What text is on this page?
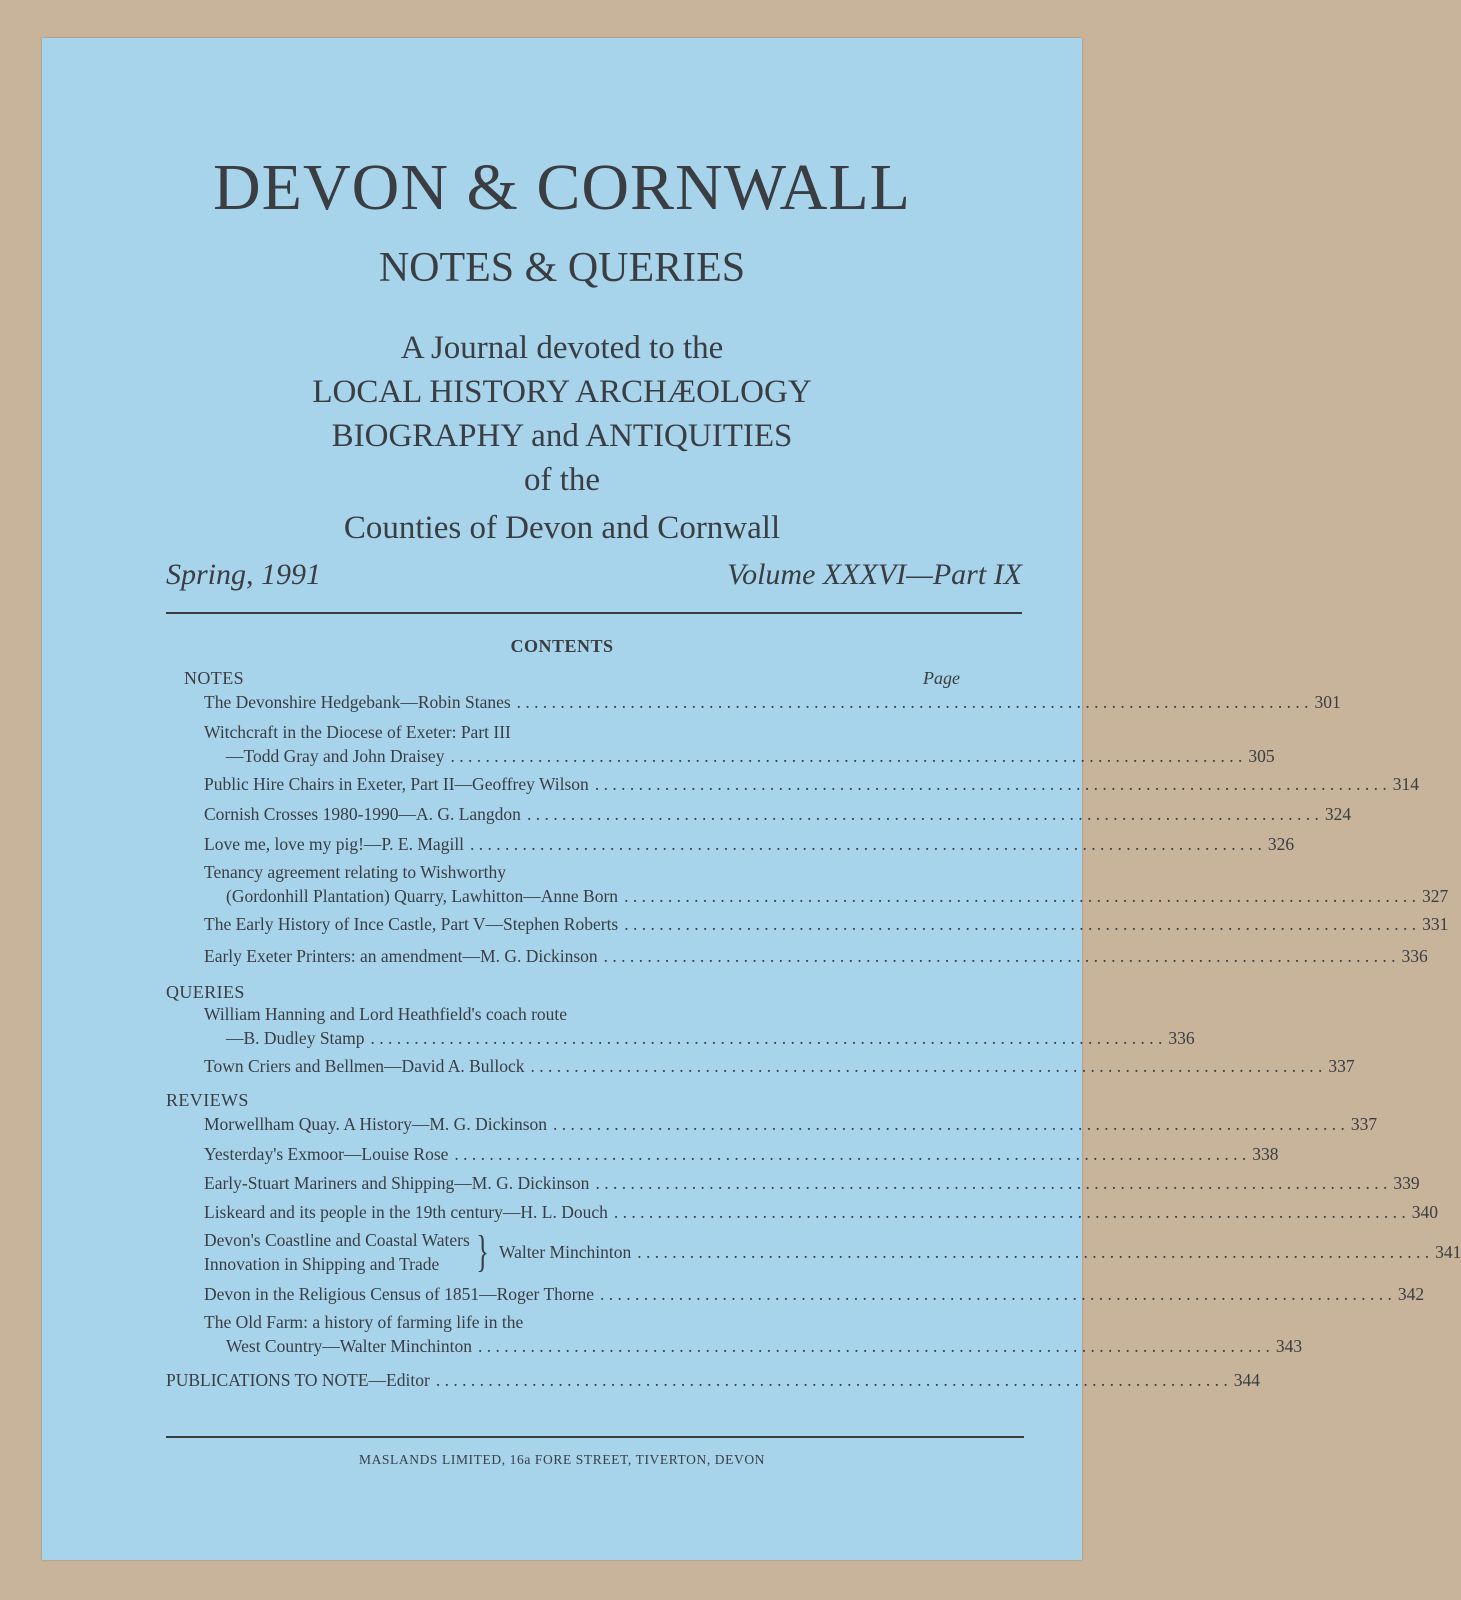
DEVON & CORNWALL
NOTES & QUERIES
A Journal devoted to the
LOCAL HISTORY ARCHÆOLOGY
BIOGRAPHY and ANTIQUITIES
of the
Counties of Devon and Cornwall
Spring, 1991	Volume XXXVI—Part IX
CONTENTS
NOTES	Page
The Devonshire Hedgebank—Robin Stanes . . .	301
Witchcraft in the Diocese of Exeter: Part III
—Todd Gray and John Draisey . . .	305
Public Hire Chairs in Exeter, Part II—Geoffrey Wilson . . .	314
Cornish Crosses 1980-1990—A. G. Langdon . . .	324
Love me, love my pig!—P. E. Magill . . .	326
Tenancy agreement relating to Wishworthy
(Gordonhill Plantation) Quarry, Lawhitton—Anne Born . . .	327
The Early History of Ince Castle, Part V—Stephen Roberts . . .	331
Early Exeter Printers: an amendment—M. G. Dickinson . . .	336
QUERIES
William Hanning and Lord Heathfield's coach route
—B. Dudley Stamp . . .	336
Town Criers and Bellmen—David A. Bullock . . .	337
REVIEWS
Morwellham Quay. A History—M. G. Dickinson . . .	337
Yesterday's Exmoor—Louise Rose . . .	338
Early-Stuart Mariners and Shipping—M. G. Dickinson . . .	339
Liskeard and its people in the 19th century—H. L. Douch . . .	340
Devon's Coastline and Coastal Waters
Innovation in Shipping and Trade } Walter Minchinton . . .	341
Devon in the Religious Census of 1851—Roger Thorne . . .	342
The Old Farm: a history of farming life in the
West Country—Walter Minchinton . . .	343
PUBLICATIONS TO NOTE—Editor . . .	344
MASLANDS LIMITED, 16a FORE STREET, TIVERTON, DEVON
